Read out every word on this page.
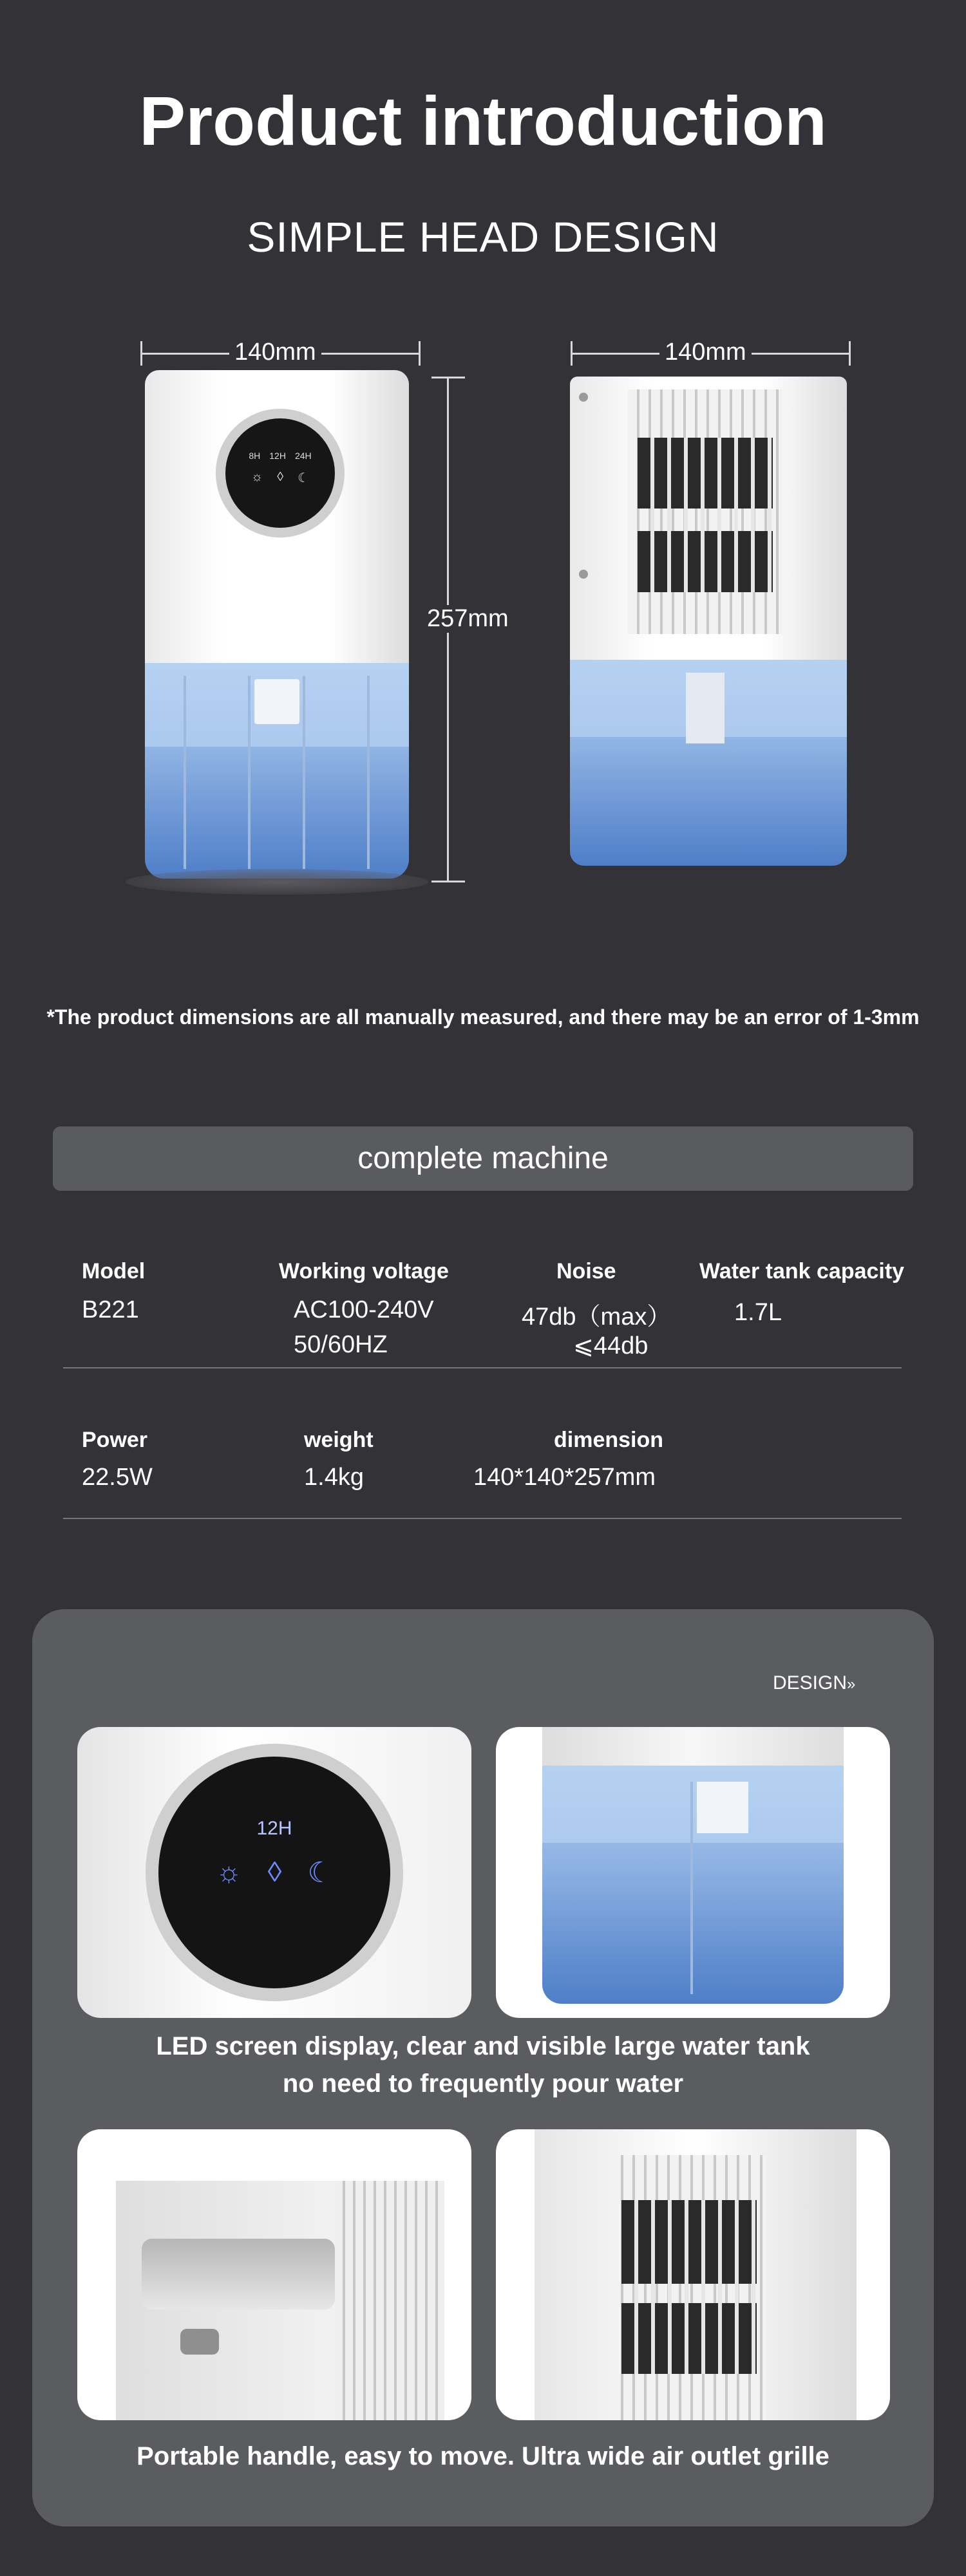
Product introduction
SIMPLE HEAD DESIGN
140mm
257mm
8H 12H 24H
☼ ◊ ☾
140mm
*The product dimensions are all manually measured, and there may be an error of 1-3mm
complete machine
Model
B221
Working voltage
AC100-240V
50/60HZ
Noise
47db（max）
⩽44db
Water tank capacity
1.7L
Power
22.5W
weight
1.4kg
dimension
140*140*257mm
DESIGN»
12H
☼ ◊ ☾
LED screen display, clear and visible large water tank
no need to frequently pour water
Portable handle, easy to move. Ultra wide air outlet grille
